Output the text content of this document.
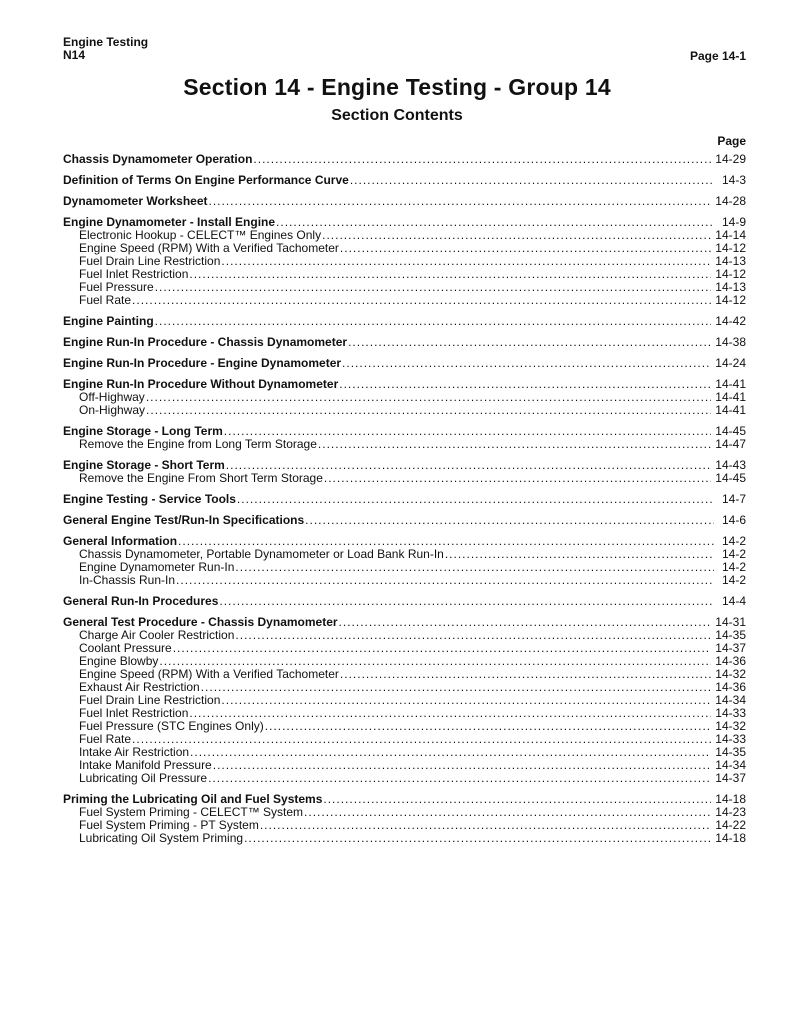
Engine Testing
N14	Page 14-1
Section 14 - Engine Testing - Group 14
Section Contents
Page
Chassis Dynamometer Operation .....	14-29
Definition of Terms On Engine Performance Curve .....	14-3
Dynamometer Worksheet .....	14-28
Engine Dynamometer - Install Engine .....	14-9
Electronic Hookup - CELECT™ Engines Only .....	14-14
Engine Speed (RPM) With a Verified Tachometer .....	14-12
Fuel Drain Line Restriction .....	14-13
Fuel Inlet Restriction .....	14-12
Fuel Pressure .....	14-13
Fuel Rate .....	14-12
Engine Painting .....	14-42
Engine Run-In Procedure - Chassis Dynamometer .....	14-38
Engine Run-In Procedure - Engine Dynamometer .....	14-24
Engine Run-In Procedure Without Dynamometer .....	14-41
Off-Highway .....	14-41
On-Highway .....	14-41
Engine Storage - Long Term .....	14-45
Remove the Engine from Long Term Storage .....	14-47
Engine Storage - Short Term .....	14-43
Remove the Engine From Short Term Storage .....	14-45
Engine Testing - Service Tools .....	14-7
General Engine Test/Run-In Specifications .....	14-6
General Information .....	14-2
Chassis Dynamometer, Portable Dynamometer or Load Bank Run-In .....	14-2
Engine Dynamometer Run-In .....	14-2
In-Chassis Run-In .....	14-2
General Run-In Procedures .....	14-4
General Test Procedure - Chassis Dynamometer .....	14-31
Charge Air Cooler Restriction .....	14-35
Coolant Pressure .....	14-37
Engine Blowby .....	14-36
Engine Speed (RPM) With a Verified Tachometer .....	14-32
Exhaust Air Restriction .....	14-36
Fuel Drain Line Restriction .....	14-34
Fuel Inlet Restriction .....	14-33
Fuel Pressure (STC Engines Only) .....	14-32
Fuel Rate .....	14-33
Intake Air Restriction .....	14-35
Intake Manifold Pressure .....	14-34
Lubricating Oil Pressure .....	14-37
Priming the Lubricating Oil and Fuel Systems .....	14-18
Fuel System Priming - CELECT™ System .....	14-23
Fuel System Priming - PT System .....	14-22
Lubricating Oil System Priming .....	14-18
